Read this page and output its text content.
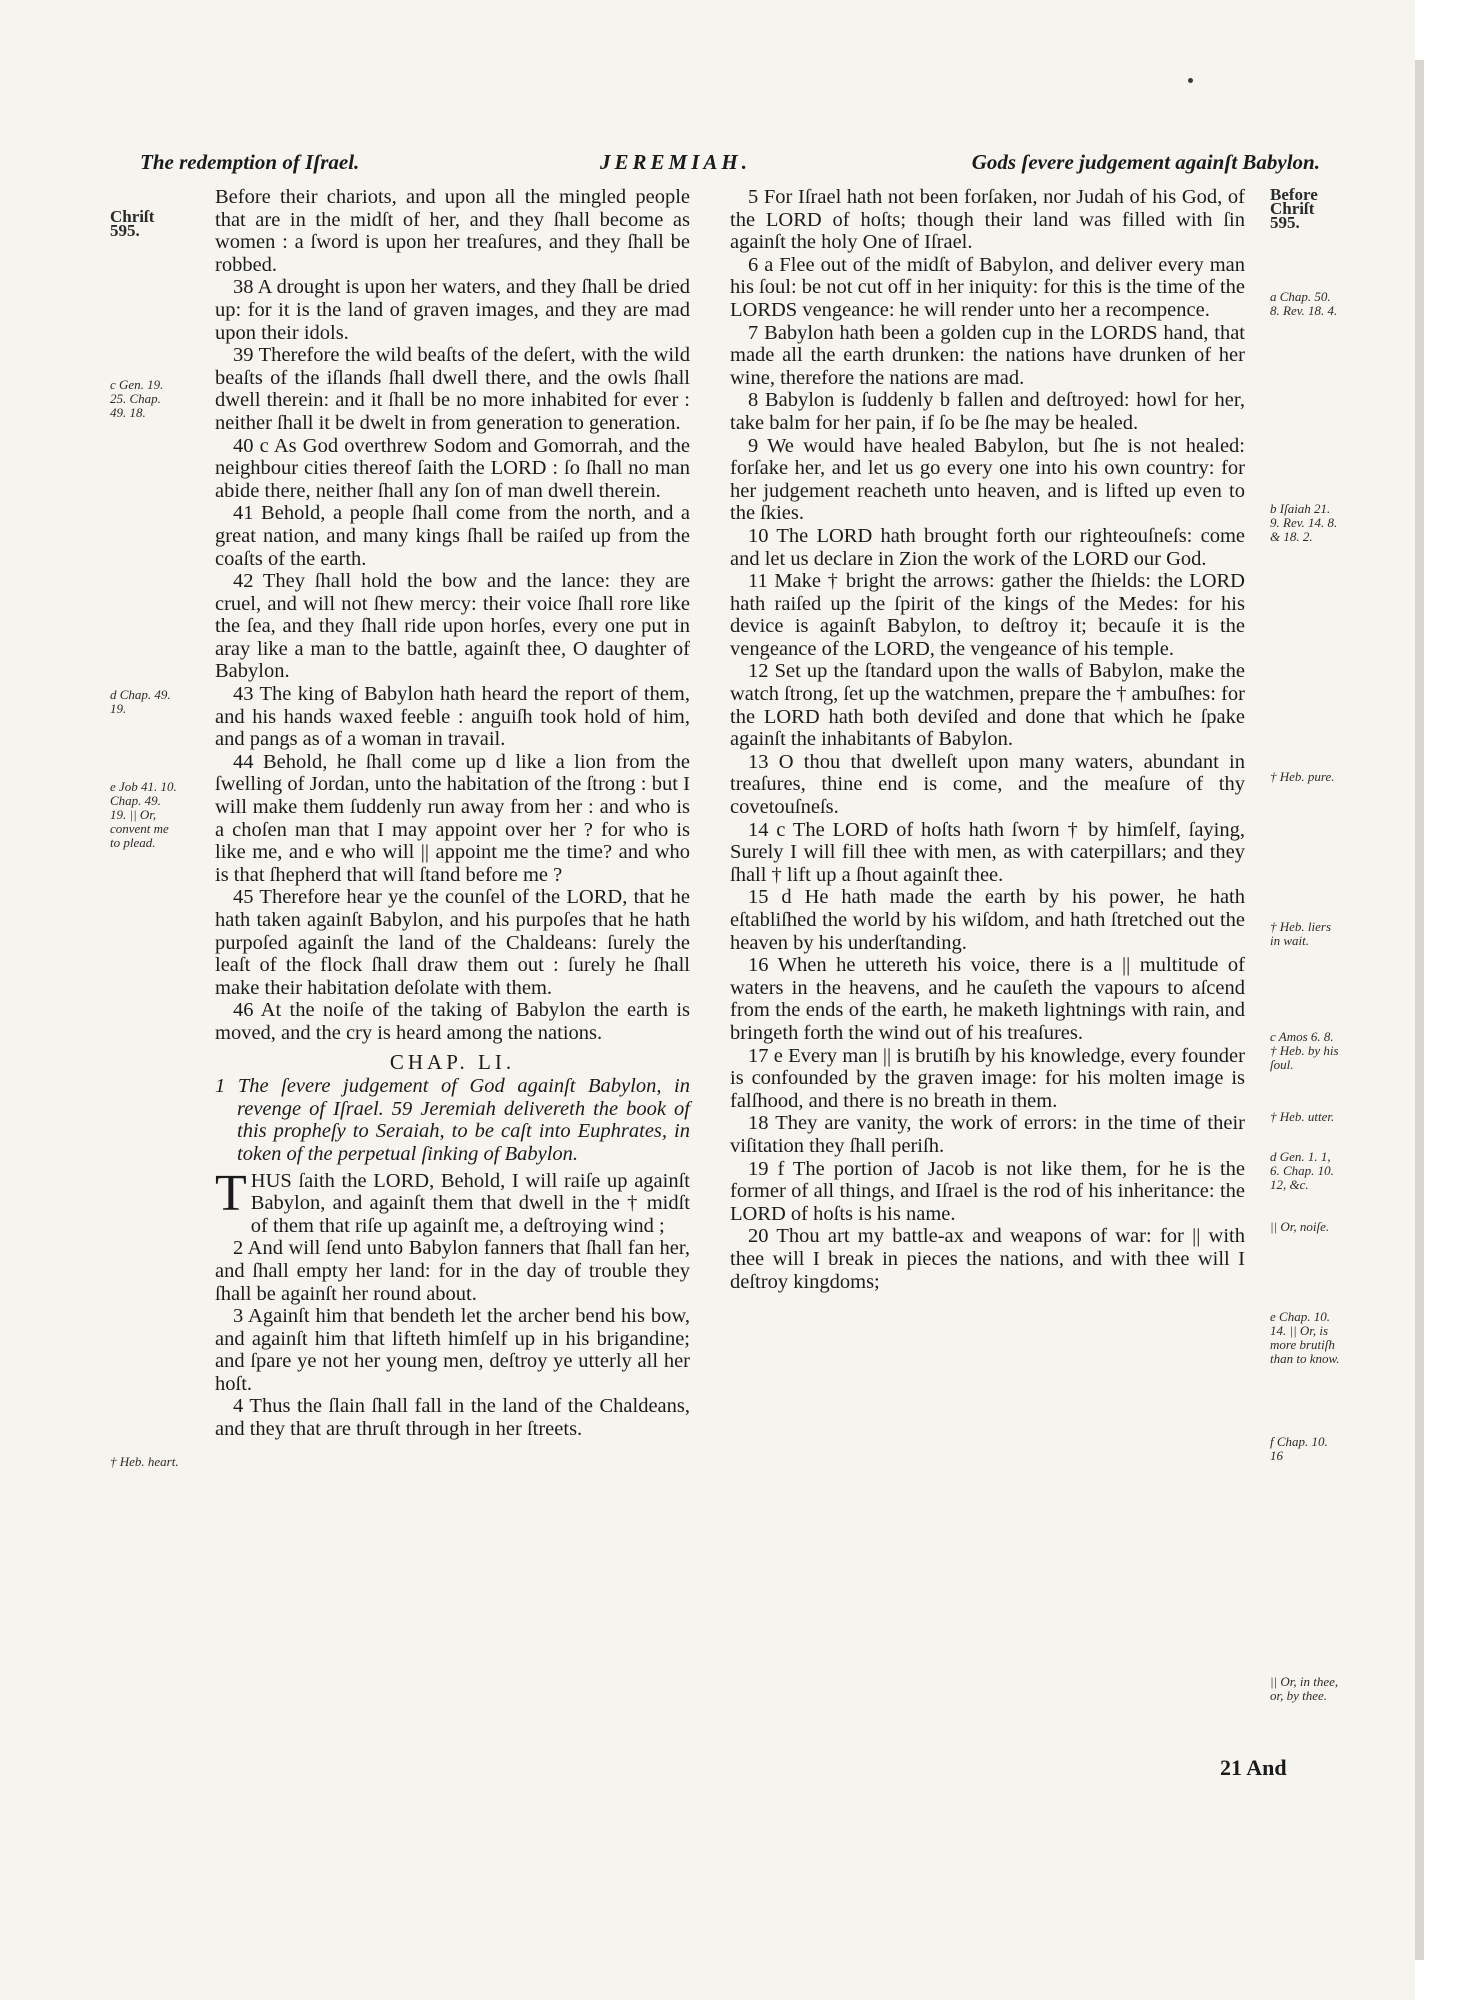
The redemption of Iſrael.	JEREMIAH.	Gods ſevere judgement againſt Babylon.

Before their chariots, and upon all the mingled people that are in the midſt of her, and they ſhall become as women : a ſword is upon her treaſures, and they ſhall be robbed.

38 A drought is upon her waters, and they ſhall be dried up: for it is the land of graven images, and they are mad upon their idols.

39 Therefore the wild beaſts of the deſert, with the wild beaſts of the iſlands ſhall dwell there, and the owls ſhall dwell therein: and it ſhall be no more inhabited for ever : neither ſhall it be dwelt in from generation to generation.

40 c As God overthrew Sodom and Gomorrah, and the neighbour cities thereof ſaith the LORD : ſo ſhall no man abide there, neither ſhall any ſon of man dwell therein.

41 Behold, a people ſhall come from the north, and a great nation, and many kings ſhall be raiſed up from the coaſts of the earth.

42 They ſhall hold the bow and the lance: they are cruel, and will not ſhew mercy: their voice ſhall rore like the ſea, and they ſhall ride upon horſes, every one put in aray like a man to the battle, againſt thee, O daughter of Babylon.

43 The king of Babylon hath heard the report of them, and his hands waxed feeble : anguiſh took hold of him, and pangs as of a woman in travail.

44 Behold, he ſhall come up d like a lion from the ſwelling of Jordan, unto the habitation of the ſtrong : but I will make them ſuddenly run away from her : and who is a choſen man that I may appoint over her ? for who is like me, and e who will || appoint me the time? and who is that ſhepherd that will ſtand before me ?

45 Therefore hear ye the counſel of the LORD, that he hath taken againſt Babylon, and his purpoſes that he hath purpoſed againſt the land of the Chaldeans: ſurely the leaſt of the flock ſhall draw them out : ſurely he ſhall make their habitation deſolate with them.

46 At the noiſe of the taking of Babylon the earth is moved, and the cry is heard among the nations.

CHAP. LI.

1 The ſevere judgement of God againſt Babylon, in revenge of Iſrael. 59 Jeremiah delivereth the book of this propheſy to Seraiah, to be caſt into Euphrates, in token of the perpetual ſinking of Babylon.

THUS ſaith the LORD, Behold, I will raiſe up againſt Babylon, and againſt them that dwell in the † midſt of them that riſe up againſt me, a deſtroying wind ;

2 And will ſend unto Babylon fanners that ſhall fan her, and ſhall empty her land: for in the day of trouble they ſhall be againſt her round about.

3 Againſt him that bendeth let the archer bend his bow, and againſt him that lifteth himſelf up in his brigandine; and ſpare ye not her young men, deſtroy ye utterly all her hoſt.

4 Thus the ſlain ſhall fall in the land of the Chaldeans, and they that are thruſt through in her ſtreets.

Chriſt 595.
c Gen. 19. 25. Chap. 49. 18.
d Chap. 49. 19.
e Job 41. 10. Chap. 49. 19. || Or, convent me to plead.
† Heb. heart.

5 For Iſrael hath not been forſaken, nor Judah of his God, of the LORD of hoſts; though their land was filled with ſin againſt the holy One of Iſrael.

6 a Flee out of the midſt of Babylon, and deliver every man his ſoul: be not cut off in her iniquity: for this is the time of the LORDS vengeance: he will render unto her a recompence.

7 Babylon hath been a golden cup in the LORDS hand, that made all the earth drunken: the nations have drunken of her wine, therefore the nations are mad.

8 Babylon is ſuddenly b fallen and deſtroyed: howl for her, take balm for her pain, if ſo be ſhe may be healed.

9 We would have healed Babylon, but ſhe is not healed: forſake her, and let us go every one into his own country: for her judgement reacheth unto heaven, and is lifted up even to the ſkies.

10 The LORD hath brought forth our righteouſneſs: come and let us declare in Zion the work of the LORD our God.

11 Make † bright the arrows: gather the ſhields: the LORD hath raiſed up the ſpirit of the kings of the Medes: for his device is againſt Babylon, to deſtroy it; becauſe it is the vengeance of the LORD, the vengeance of his temple.

12 Set up the ſtandard upon the walls of Babylon, make the watch ſtrong, ſet up the watchmen, prepare the † ambuſhes: for the LORD hath both deviſed and done that which he ſpake againſt the inhabitants of Babylon.

13 O thou that dwelleſt upon many waters, abundant in treaſures, thine end is come, and the meaſure of thy covetouſneſs.

14 c The LORD of hoſts hath ſworn † by himſelf, ſaying, Surely I will fill thee with men, as with caterpillars; and they ſhall † lift up a ſhout againſt thee.

15 d He hath made the earth by his power, he hath eſtabliſhed the world by his wiſdom, and hath ſtretched out the heaven by his underſtanding.

16 When he uttereth his voice, there is a || multitude of waters in the heavens, and he cauſeth the vapours to aſcend from the ends of the earth, he maketh lightnings with rain, and bringeth forth the wind out of his treaſures.

17 e Every man || is brutiſh by his knowledge, every founder is confounded by the graven image: for his molten image is falſhood, and there is no breath in them.

18 They are vanity, the work of errors: in the time of their viſitation they ſhall periſh.

19 f The portion of Jacob is not like them, for he is the former of all things, and Iſrael is the rod of his inheritance: the LORD of hoſts is his name.

20 Thou art my battle-ax and weapons of war: for || with thee will I break in pieces the nations, and with thee will I deſtroy kingdoms;

Before Chriſt 595.
a Chap. 50. 8. Rev. 18. 4.
b Iſaiah 21. 9. Rev. 14. 8. & 18. 2.
† Heb. pure.
† Heb. liers in wait.
c Amos 6. 8. † Heb. by his ſoul.
† Heb. utter.
d Gen. 1. 1, 6. Chap. 10. 12, &c.
|| Or, noiſe.
e Chap. 10. 14. || Or, is more brutiſh than to know.
f Chap. 10. 16
|| Or, in thee, or, by thee.
21 And
